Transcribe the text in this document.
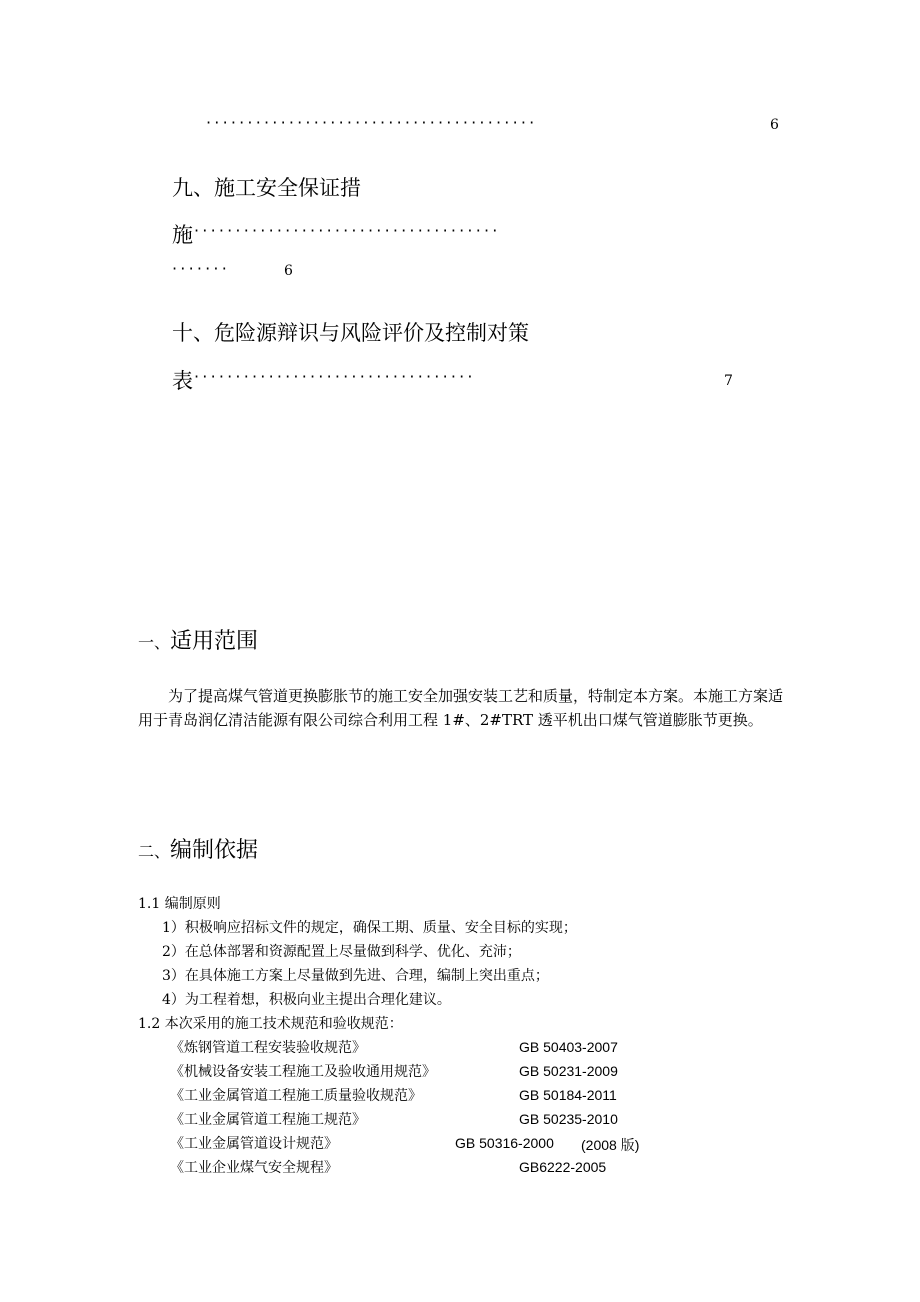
········································	6
九、施工安全保证措
施 ·····································
·······	6
十、危险源辩识与风险评价及控制对策
表 ··································	7
一、适用范围
为了提高煤气管道更换膨胀节的施工安全加强安装工艺和质量，特制定本方案。本施工方案适用于青岛润亿清洁能源有限公司综合利用工程 1#、2#TRT 透平机出口煤气管道膨胀节更换。
二、编制依据
1.1 编制原则
1）积极响应招标文件的规定，确保工期、质量、安全目标的实现；
2）在总体部署和资源配置上尽量做到科学、优化、充沛；
3）在具体施工方案上尽量做到先进、合理，编制上突出重点；
4）为工程着想，积极向业主提出合理化建议。
1.2 本次采用的施工技术规范和验收规范：
《炼钢管道工程安装验收规范》	GB 50403-2007
《机械设备安装工程施工及验收通用规范》	GB 50231-2009
《工业金属管道工程施工质量验收规范》	GB 50184-2011
《工业金属管道工程施工规范》	GB 50235-2010
《工业金属管道设计规范》	GB 50316-2000 (2008 版)
《工业企业煤气安全规程》	GB6222-2005
